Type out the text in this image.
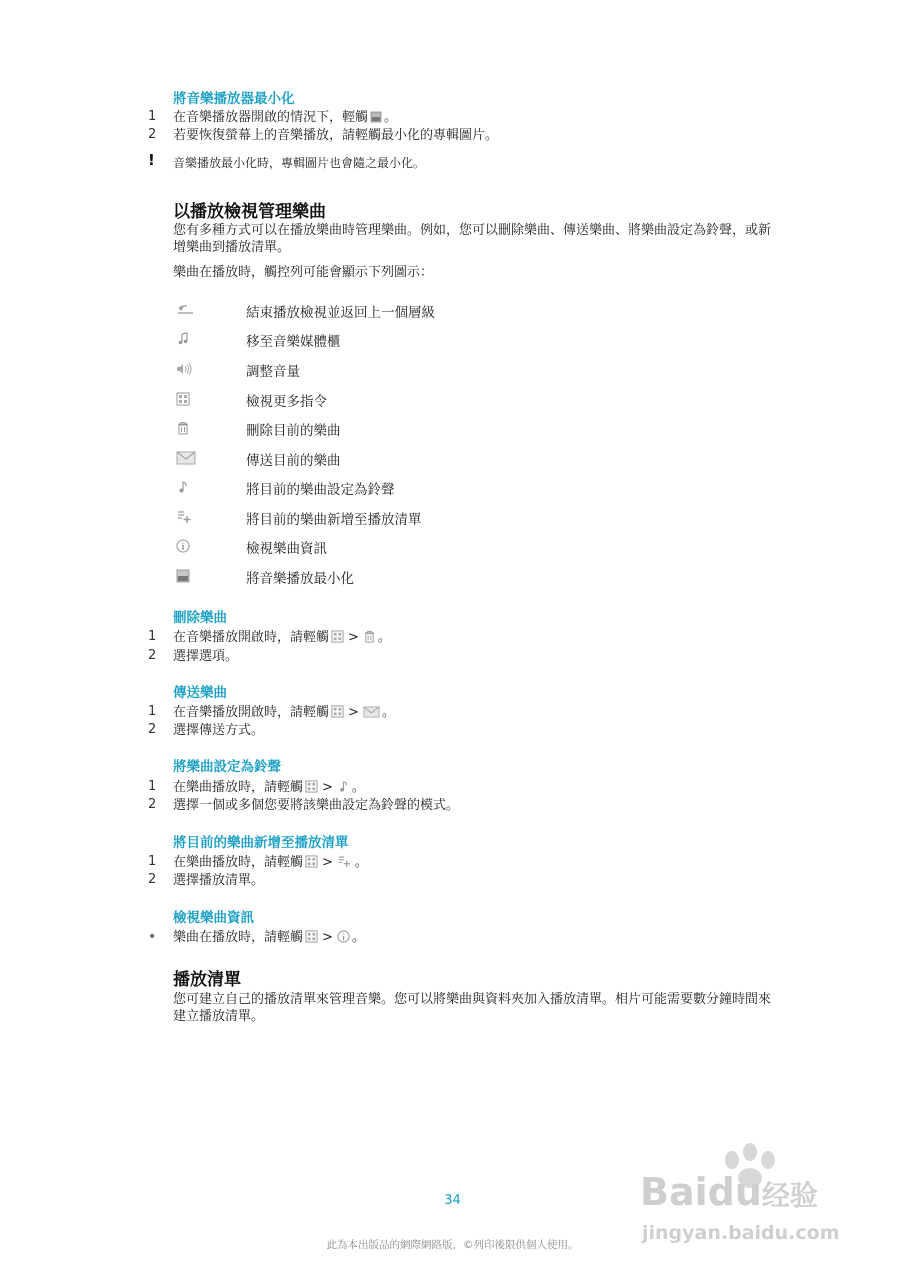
將音樂播放器最小化
1	在音樂播放器開啟的情況下，輕觸 。
2	若要恢復螢幕上的音樂播放，請輕觸最小化的專輯圖片。
! 音樂播放最小化時，專輯圖片也會隨之最小化。
以播放檢視管理樂曲
您有多種方式可以在播放樂曲時管理樂曲。例如，您可以刪除樂曲、傳送樂曲、將樂曲設定為鈴聲，或新增樂曲到播放清單。
樂曲在播放時，觸控列可能會顯示下列圖示：
結束播放檢視並返回上一個層級
移至音樂媒體櫃
調整音量
檢視更多指令
刪除目前的樂曲
傳送目前的樂曲
將目前的樂曲設定為鈴聲
將目前的樂曲新增至播放清單
檢視樂曲資訊
將音樂播放最小化
刪除樂曲
1	在音樂播放開啟時，請輕觸 > 。
2	選擇選項。
傳送樂曲
1	在音樂播放開啟時，請輕觸 > 。
2	選擇傳送方式。
將樂曲設定為鈴聲
1	在樂曲播放時，請輕觸 > 。
2	選擇一個或多個您要將該樂曲設定為鈴聲的模式。
將目前的樂曲新增至播放清單
1	在樂曲播放時，請輕觸 > 。
2	選擇播放清單。
檢視樂曲資訊
•	樂曲在播放時，請輕觸 > 。
播放清單
您可建立自己的播放清單來管理音樂。您可以將樂曲與資料夾加入播放清單。相片可能需要數分鐘時間來建立播放清單。
34
此為本出版品的網際網路版，©列印後限供個人使用。
Baidu经验
jingyan.baidu.com
